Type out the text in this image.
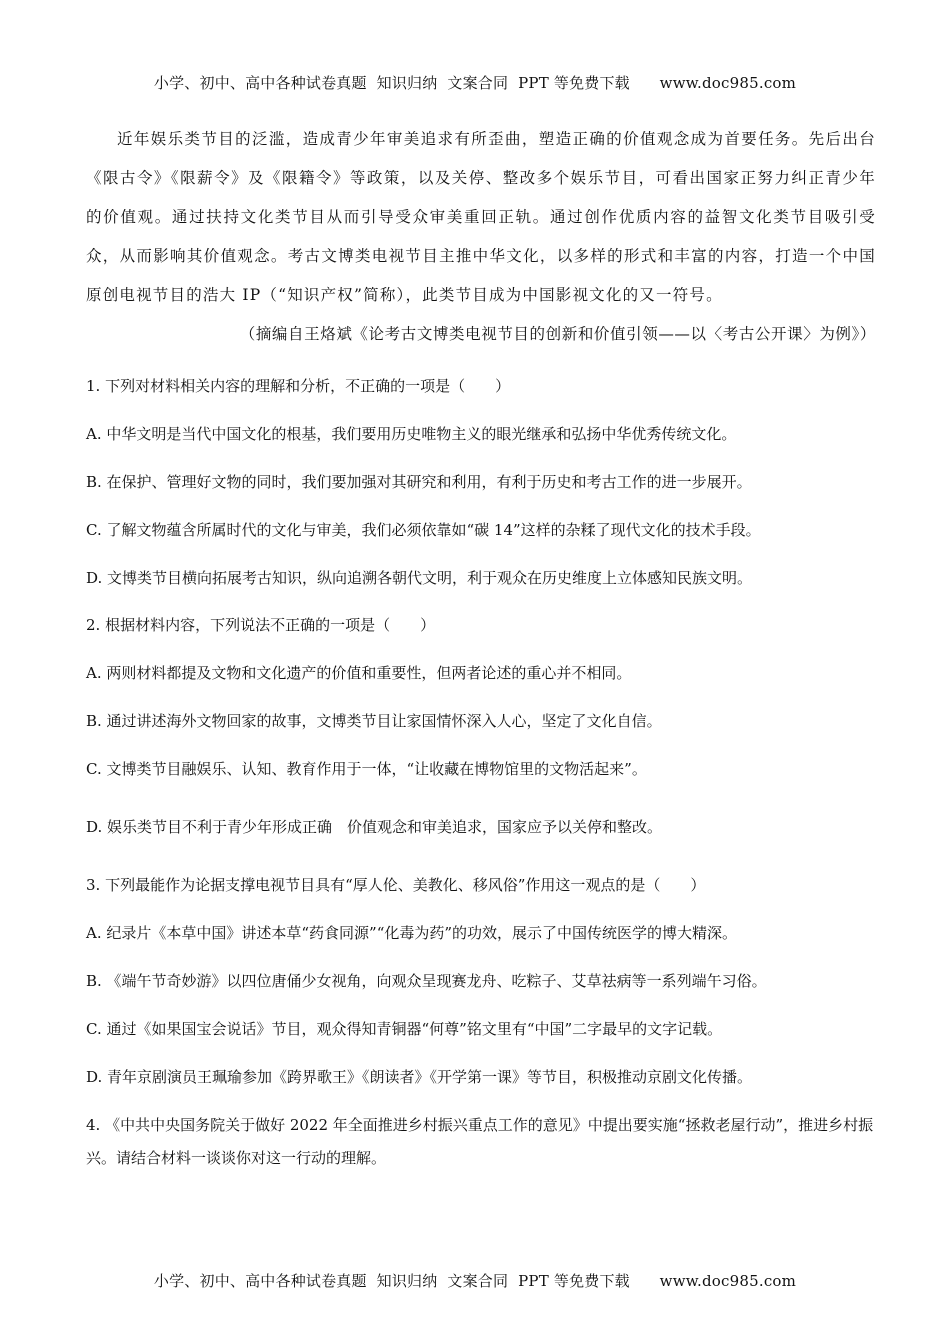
小学、初中、高中各种试卷真题  知识归纳  文案合同  PPT 等免费下载      www.doc985.com

近年娱乐类节目的泛滥，造成青少年审美追求有所歪曲，塑造正确的价值观念成为首要任务。先后出台《限古令》《限薪令》及《限籍令》等政策，以及关停、整改多个娱乐节目，可看出国家正努力纠正青少年的价值观。通过扶持文化类节目从而引导受众审美重回正轨。通过创作优质内容的益智文化类节目吸引受众，从而影响其价值观念。考古文博类电视节目主推中华文化，以多样的形式和丰富的内容，打造一个中国原创电视节目的浩大 IP（“知识产权”简称），此类节目成为中国影视文化的又一符号。

（摘编自王烙斌《论考古文博类电视节目的创新和价值引领——以〈考古公开课〉为例》）

1. 下列对材料相关内容的理解和分析，不正确的一项是（　　）

A. 中华文明是当代中国文化的根基，我们要用历史唯物主义的眼光继承和弘扬中华优秀传统文化。

B. 在保护、管理好文物的同时，我们要加强对其研究和利用，有利于历史和考古工作的进一步展开。

C. 了解文物蕴含所属时代的文化与审美，我们必须依靠如“碳 14”这样的杂糅了现代文化的技术手段。

D. 文博类节目横向拓展考古知识，纵向追溯各朝代文明，利于观众在历史维度上立体感知民族文明。

2. 根据材料内容，下列说法不正确的一项是（　　）

A. 两则材料都提及文物和文化遗产的价值和重要性，但两者论述的重心并不相同。

B. 通过讲述海外文物回家的故事，文博类节目让家国情怀深入人心，坚定了文化自信。

C. 文博类节目融娱乐、认知、教育作用于一体，“让收藏在博物馆里的文物活起来”。

D. 娱乐类节目不利于青少年形成正确　价值观念和审美追求，国家应予以关停和整改。

3. 下列最能作为论据支撑电视节目具有“厚人伦、美教化、移风俗”作用这一观点的是（　　）

A. 纪录片《本草中国》讲述本草“药食同源”“化毒为药”的功效，展示了中国传统医学的博大精深。

B. 《端午节奇妙游》以四位唐俑少女视角，向观众呈现赛龙舟、吃粽子、艾草祛病等一系列端午习俗。

C. 通过《如果国宝会说话》节目，观众得知青铜器“何尊”铭文里有“中国”二字最早的文字记载。

D. 青年京剧演员王珮瑜参加《跨界歌王》《朗读者》《开学第一课》等节目，积极推动京剧文化传播。

4. 《中共中央国务院关于做好 2022 年全面推进乡村振兴重点工作的意见》中提出要实施“拯救老屋行动”，推进乡村振兴。请结合材料一谈谈你对这一行动的理解。

小学、初中、高中各种试卷真题  知识归纳  文案合同  PPT 等免费下载      www.doc985.com
